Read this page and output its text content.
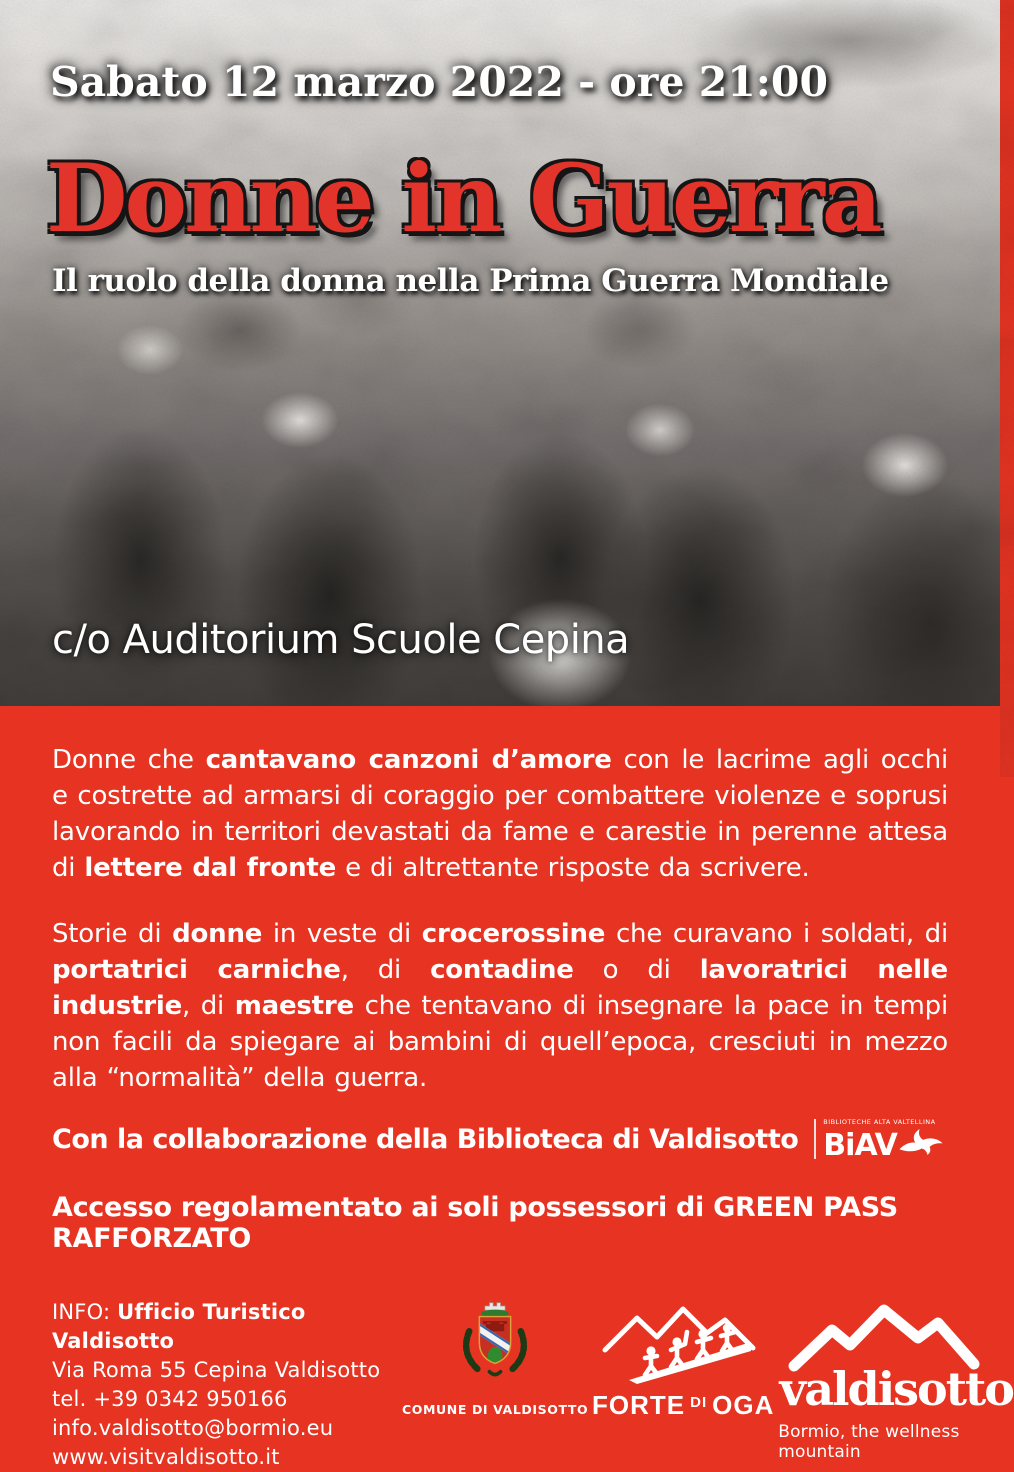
Sabato 12 marzo 2022 - ore 21:00
Donne in Guerra
Il ruolo della donna nella Prima Guerra Mondiale
c/o Auditorium Scuole Cepina

Donne che cantavano canzoni d’amore con le lacrime agli occhi e costrette ad armarsi di coraggio per combattere violenze e soprusi lavorando in territori devastati da fame e carestie in perenne attesa di lettere dal fronte e di altrettante risposte da scrivere.

Storie di donne in veste di crocerossine che curavano i soldati, di portatrici carniche, di contadine o di lavoratrici nelle industrie, di maestre che tentavano di insegnare la pace in tempi non facili da spiegare ai bambini di quell’epoca, cresciuti in mezzo alla “normalità” della guerra.

Con la collaborazione della Biblioteca di Valdisotto
BIBLIOTECHE ALTA VALTELLINA
BiAV
Accesso regolamentato ai soli possessori di GREEN PASS RAFFORZATO
INFO: Ufficio Turistico Valdisotto
Via Roma 55 Cepina Valdisotto
tel. +39 0342 950166
info.valdisotto@bormio.eu
www.visitvaldisotto.it
COMUNE DI VALDISOTTO FORTE DI OGA valdisotto
Bormio, the wellness mountain
